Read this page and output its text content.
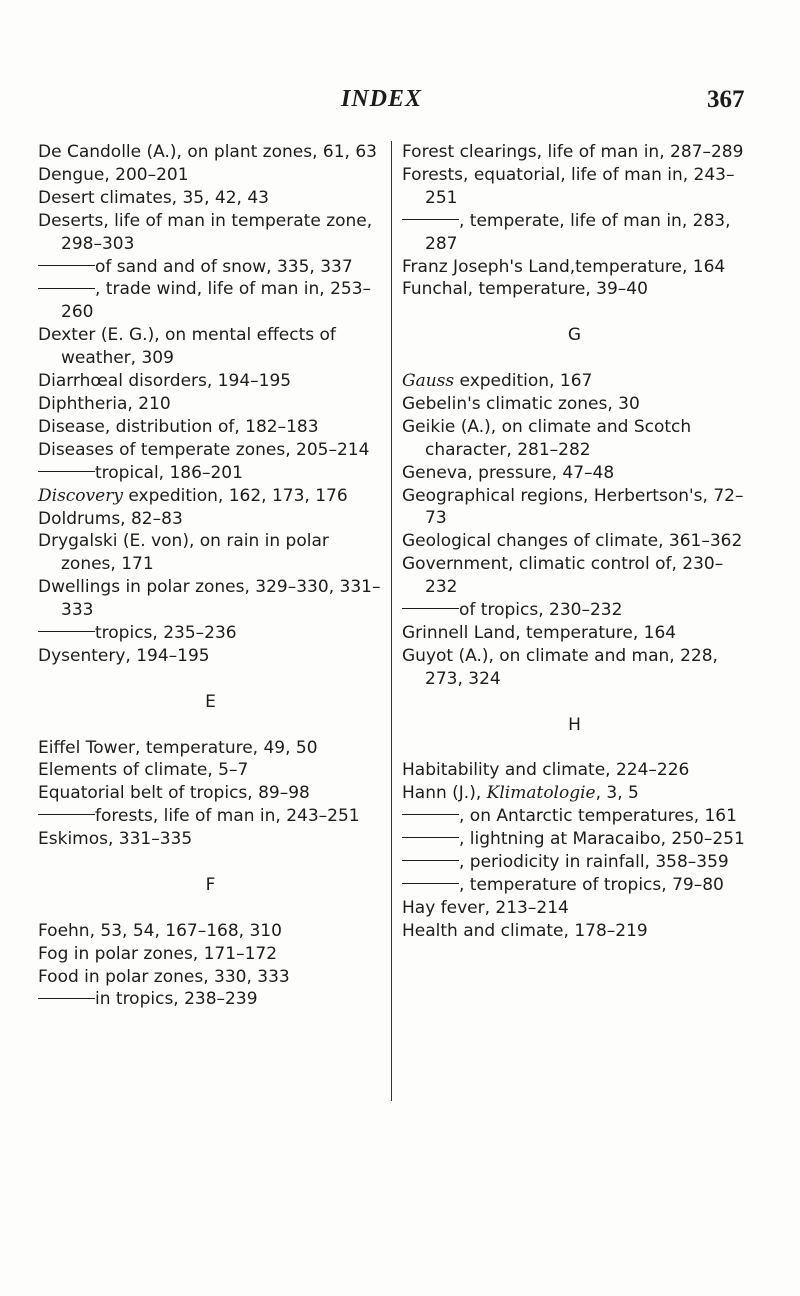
INDEX	367
De Candolle (A.), on plant zones, 61, 63
Dengue, 200–201
Desert climates, 35, 42, 43
Deserts, life of man in temperate zone, 298–303
of sand and of snow, 335, 337
, trade wind, life of man in, 253–260
Dexter (E. G.), on mental effects of weather, 309
Diarrhœal disorders, 194–195
Diphtheria, 210
Disease, distribution of, 182–183
Diseases of temperate zones, 205–214
tropical, 186–201
Discovery expedition, 162, 173, 176
Doldrums, 82–83
Drygalski (E. von), on rain in polar zones, 171
Dwellings in polar zones, 329–330, 331–333
tropics, 235–236
Dysentery, 194–195
E
Eiffel Tower, temperature, 49, 50
Elements of climate, 5–7
Equatorial belt of tropics, 89–98
forests, life of man in, 243–251
Eskimos, 331–335
F
Foehn, 53, 54, 167–168, 310
Fog in polar zones, 171–172
Food in polar zones, 330, 333
in tropics, 238–239
Forest clearings, life of man in, 287–289
Forests, equatorial, life of man in, 243–251
, temperate, life of man in, 283, 287
Franz Joseph's Land,temperature, 164
Funchal, temperature, 39–40
G
Gauss expedition, 167
Gebelin's climatic zones, 30
Geikie (A.), on climate and Scotch character, 281–282
Geneva, pressure, 47–48
Geographical regions, Herbertson's, 72–73
Geological changes of climate, 361–362
Government, climatic control of, 230–232
of tropics, 230–232
Grinnell Land, temperature, 164
Guyot (A.), on climate and man, 228, 273, 324
H
Habitability and climate, 224–226
Hann (J.), Klimatologie, 3, 5
, on Antarctic temperatures, 161
, lightning at Maracaibo, 250–251
, periodicity in rainfall, 358–359
, temperature of tropics, 79–80
Hay fever, 213–214
Health and climate, 178–219
